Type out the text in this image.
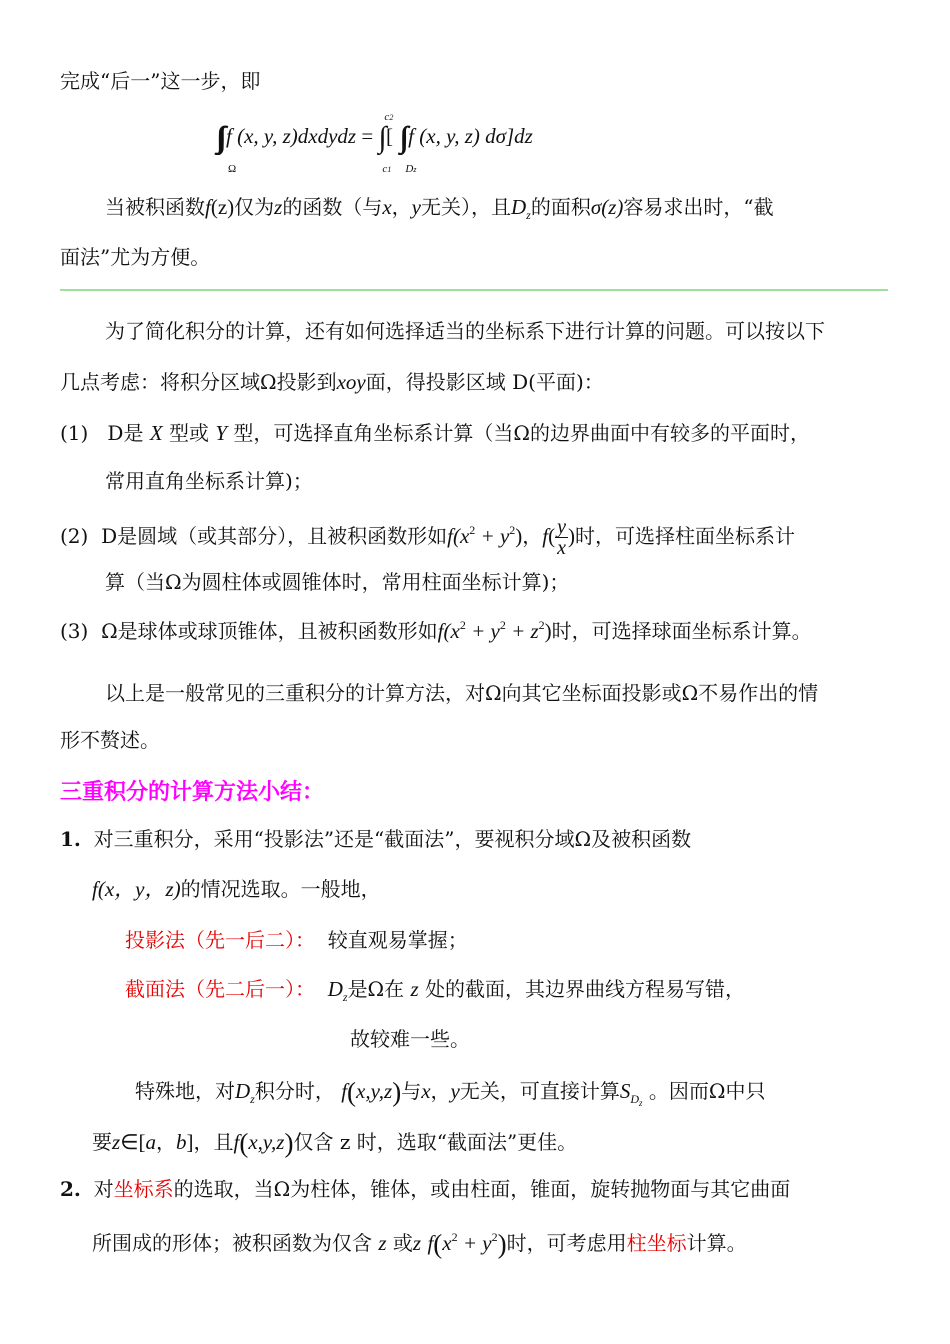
完成“后一”这一步，即
∫∫∫
Ω
f (x, y, z)dxdydz = ∫
c2
c1
[ ∫∫
Dz
f (x, y, z) dσ]dz
当被积函数f(z)仅为z的函数（与x，y无关），且$D_z$的面积σ(z)容易求出时，“截
面法”尤为方便。
为了简化积分的计算，还有如何选择适当的坐标系下进行计算的问题。可以按以下
几点考虑：将积分区域Ω投影到xoy面，得投影区域 D(平面)：
(1) D是 X 型或 Y 型，可选择直角坐标系计算（当Ω的边界曲面中有较多的平面时，
常用直角坐标系计算)；
(2) D是圆域（或其部分），且被积函数形如$f(x^2 + y^2)$，$f( \frac{y}{x}$ )时，可选择柱面坐标系计
算（当Ω为圆柱体或圆锥体时，常用柱面坐标计算)；
(3) Ω是球体或球顶锥体，且被积函数形如$f(x^2 + y^2 + z^2)$时，可选择球面坐标系计算。
以上是一般常见的三重积分的计算方法，对Ω向其它坐标面投影或Ω不易作出的情
形不赘述。
三重积分的计算方法小结：
1. 对三重积分，采用“投影法”还是“截面法”，要视积分域Ω及被积函数
f(x，y，z)的情况选取。一般地，
投影法（先一后二）： 较直观易掌握；
截面法（先二后一）： $D_z$是Ω在 z 处的截面，其边界曲线方程易写错，
故较难一些。
特殊地，对$D_z$积分时， f(x,y,z)与x，y无关，可直接计算$S_{Dz}$ 。因而Ω中只
要z∈[a，b]，且f(x,y,z)仅含 z 时，选取“截面法”更佳。
2. 对坐标系的选取，当Ω为柱体，锥体，或由柱面，锥面，旋转抛物面与其它曲面
所围成的形体；被积函数为仅含 z 或z $f(x^2 + y^2)$时，可考虑用柱坐标计算。
